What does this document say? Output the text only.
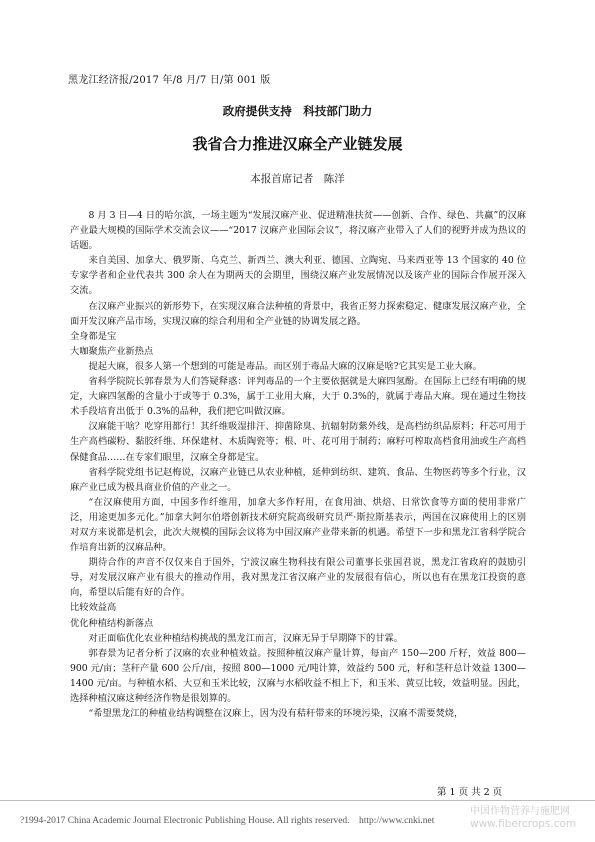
黑龙江经济报/2017 年/8 月/7 日/第 001 版
政府提供支持　科技部门助力
我省合力推进汉麻全产业链发展
本报首席记者　陈洋

8 月 3 日—4 日的哈尔滨，一场主题为“发展汉麻产业、促进精准扶贫——创新、合作、绿色、共赢”的汉麻产业最大规模的国际学术交流会议——“2017 汉麻产业国际会议”，将汉麻产业带入了人们的视野并成为热议的话题。

来自美国、加拿大、俄罗斯、乌克兰、新西兰、澳大利亚、德国、立陶宛、马来西亚等 13 个国家的 40 位专家学者和企业代表共 300 余人在为期两天的会期里，围绕汉麻产业发展情况以及该产业的国际合作展开深入交流。

在汉麻产业振兴的新形势下，在实现汉麻合法种植的背景中，我省正努力探索稳定、健康发展汉麻产业，全面开发汉麻产品市场，实现汉麻的综合利用和全产业链的协调发展之路。

全身都是宝

大咖聚焦产业新热点

提起大麻，很多人第一个想到的可能是毒品。而区别于毒品大麻的汉麻是啥?它其实是工业大麻。

省科学院院长郭春景为人们答疑释惑：评判毒品的一个主要依据就是大麻四氢酚。在国际上已经有明确的规定，大麻四氢酚的含量小于或等于 0.3%，属于工业用大麻，大于 0.3%的，就属于毒品大麻。现在通过生物技术手段培育出低于 0.3%的品种，我们把它叫做汉麻。

汉麻能干啥？吃穿用都行！其纤维吸湿排汗、抑菌除臭、抗辐射防紫外线，是高档纺织品原料；秆芯可用于生产高档碳粉、黏胶纤维、环保建材、木质陶瓷等；根、叶、花可用于制药；麻籽可榨取高档食用油或生产高档保健食品……在专家们眼里，汉麻全身都是宝。

省科学院党组书记赵梅说，汉麻产业链已从农业种植，延伸到纺织、建筑、食品、生物医药等多个行业，汉麻产业已成为极具商业价值的产业之一。

“在汉麻使用方面，中国多作纤维用，加拿大多作籽用，在食用油、烘焙、日常饮食等方面的使用非常广泛，用途更加多元化。”加拿大阿尔伯塔创新技术研究院高级研究员严·斯拉斯基表示，两国在汉麻使用上的区别对双方来说都是机会，此次大规模的国际会议将为中国汉麻产业带来新的机遇。希望下一步和黑龙江省科学院合作培育出新的汉麻品种。

期待合作的声音不仅仅来自于国外，宁波汉麻生物科技有限公司董事长张国君说，黑龙江省政府的鼓励引导，对发展汉麻产业有很大的推动作用，我对黑龙江省汉麻产业的发展很有信心，所以也有在黑龙江投资的意向，希望以后能有好的合作。

比较效益高

优化种植结构新落点

对正面临优化农业种植结构挑战的黑龙江而言，汉麻无异于早期降下的甘霖。

郭春景为记者分析了汉麻的农业种植效益。按照种植汉麻产量计算，每亩产 150—200 斤籽，效益 800—900 元/亩；茎秆产量 600 公斤/亩，按照 800—1000 元/吨计算，效益约 500 元，籽和茎秆总计效益 1300—1400 元/亩。与种植水稻、大豆和玉米比较，汉麻与水稻收益不相上下，和玉米、黄豆比较，效益明显。因此，选择种植汉麻这种经济作物是很划算的。

“希望黑龙江的种植业结构调整在汉麻上，因为没有秸秆带来的环境污染，汉麻不需要焚烧，

第 1 页 共 2 页
?1994-2017 China Academic Journal Electronic Publishing House. All rights reserved.　http://www.cnki.net
中国作物营养与施肥网
www.fibercrops.com
